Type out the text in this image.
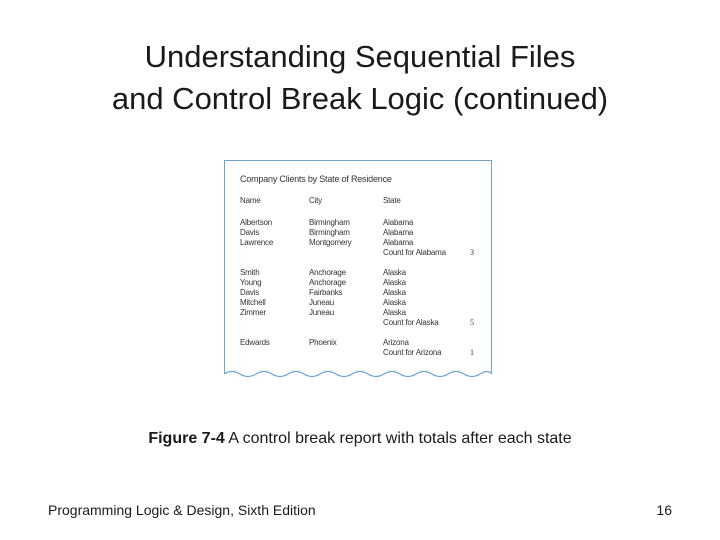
Understanding Sequential Files
and Control Break Logic (continued)
Company Clients by State of Residence
Name	City	State	
Albertson	Birmingham	Alabama	
Davis	Birmingham	Alabama	
Lawrence	Montgomery	Alabama	
		Count for Alabama	3

Smith	Anchorage	Alaska	
Young	Anchorage	Alaska	
Davis	Fairbanks	Alaska	
Mitchell	Juneau	Alaska	
Zimmer	Juneau	Alaska	
		Count for Alaska	5

Edwards	Phoenix	Arizona	
		Count for Arizona	1
Figure 7-4 A control break report with totals after each state
Programming Logic & Design, Sixth Edition	16
